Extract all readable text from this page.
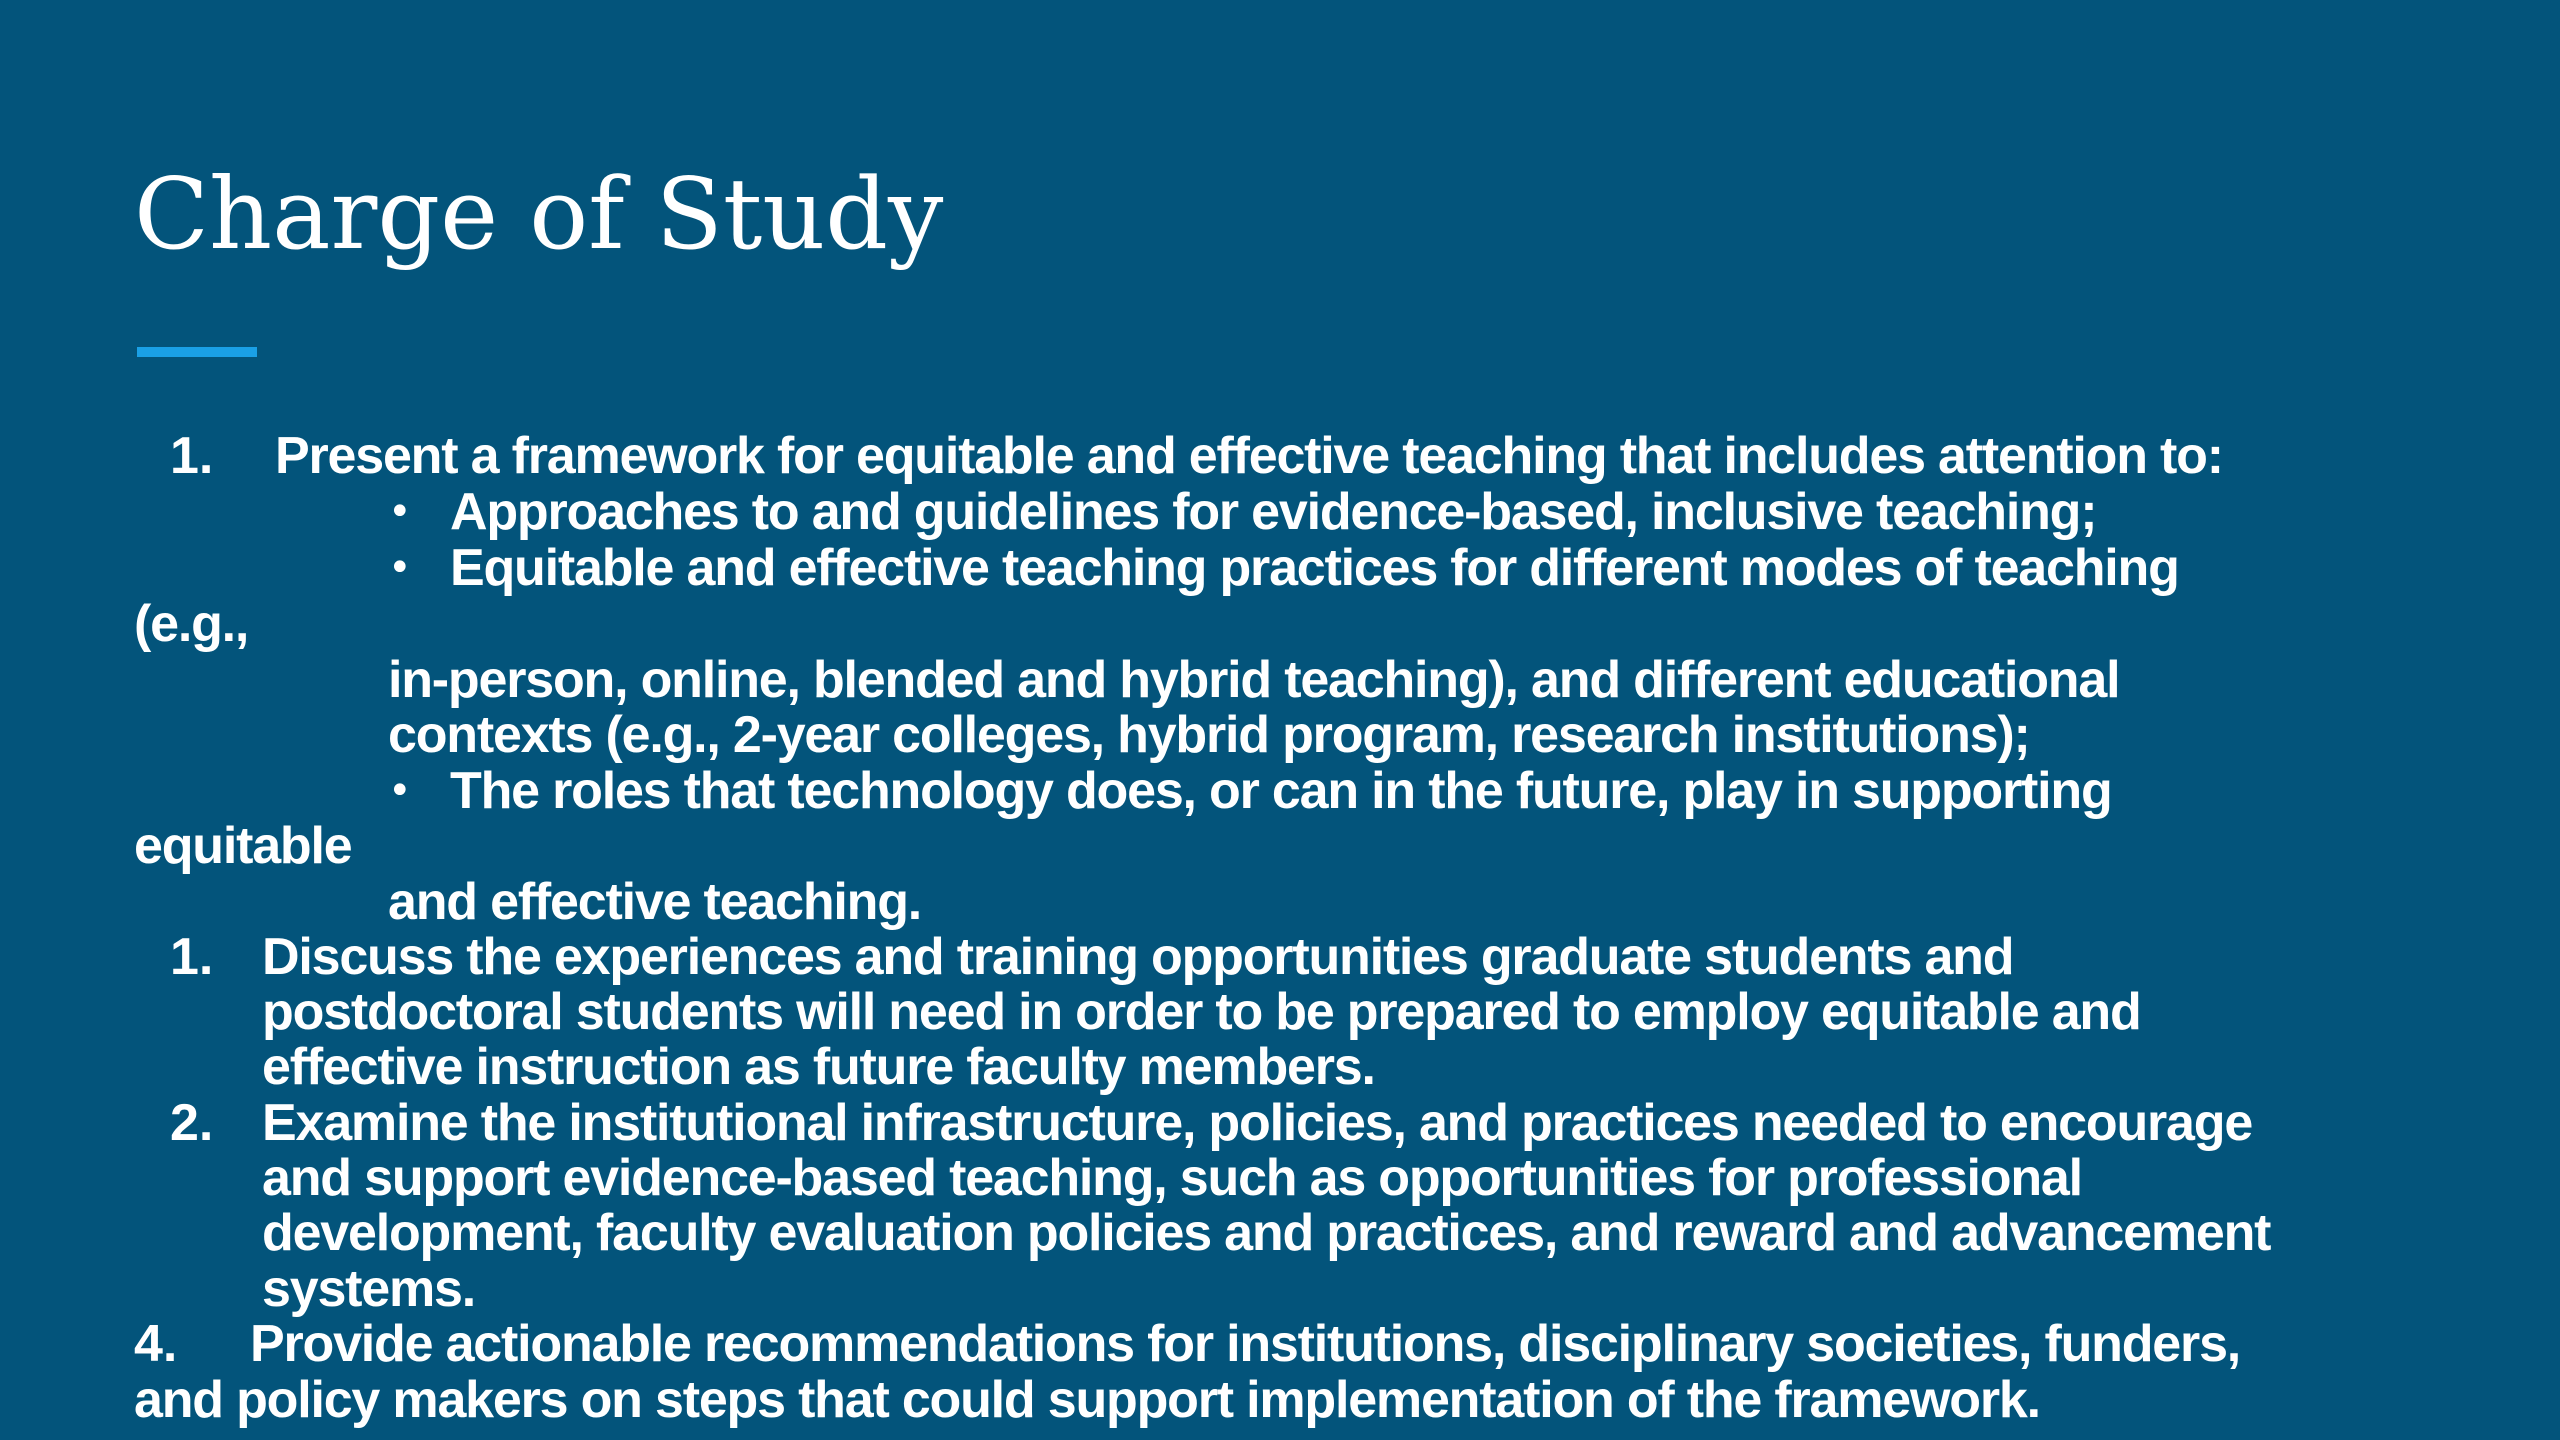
Charge of Study
1. Present a framework for equitable and effective teaching that includes attention to:
• Approaches to and guidelines for evidence-based, inclusive teaching;
• Equitable and effective teaching practices for different modes of teaching
(e.g.,
in-person, online, blended and hybrid teaching), and different educational
contexts (e.g., 2-year colleges, hybrid program, research institutions);
• The roles that technology does, or can in the future, play in supporting
equitable
and effective teaching.
1. Discuss the experiences and training opportunities graduate students and
postdoctoral students will need in order to be prepared to employ equitable and
effective instruction as future faculty members.
2. Examine the institutional infrastructure, policies, and practices needed to encourage
and support evidence-based teaching, such as opportunities for professional
development, faculty evaluation policies and practices, and reward and advancement
systems.
4. Provide actionable recommendations for institutions, disciplinary societies, funders,
and policy makers on steps that could support implementation of the framework.
